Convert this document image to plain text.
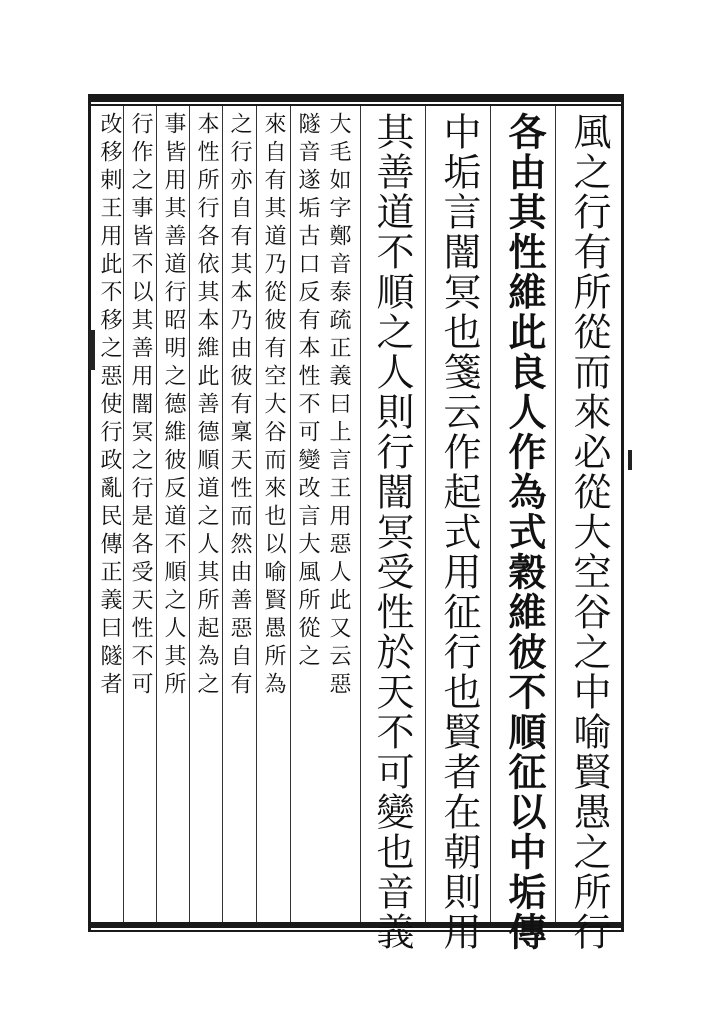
風之行有所從而來必從大空谷之中喻賢愚之所行
各由其性維此良人作為式穀維彼不順征以中垢傳
中垢言闇冥也箋云作起式用征行也賢者在朝則用
其善道不順之人則行闇冥受性於天不可變也音義
大毛如字鄭音泰疏正義曰上言王用惡人此又云惡
隧音遂垢古口反有本性不可變改言大風所從之
來自有其道乃從彼有空大谷而來也以喻賢愚所為
之行亦自有其本乃由彼有稟天性而然由善惡自有
本性所行各依其本維此善德順道之人其所起為之
事皆用其善道行昭明之德維彼反道不順之人其所
行作之事皆不以其善用闇冥之行是各受天性不可
改移剌王用此不移之惡使行政亂民傳正義曰隧者
